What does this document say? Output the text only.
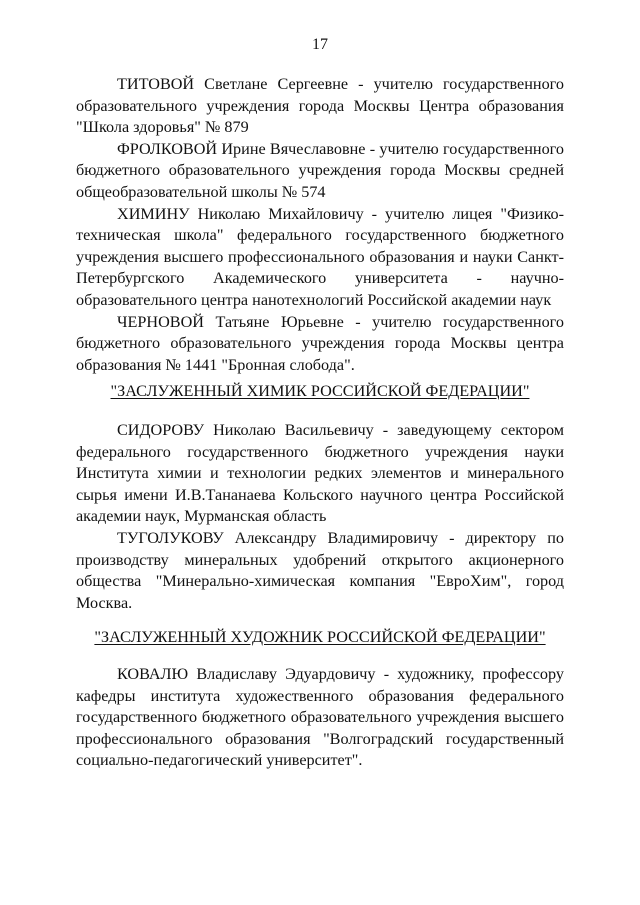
17
ТИТОВОЙ Светлане Сергеевне - учителю государственного образовательного учреждения города Москвы Центра образования "Школа здоровья" № 879
ФРОЛКОВОЙ Ирине Вячеславовне - учителю государственного бюджетного образовательного учреждения города Москвы средней общеобразовательной школы № 574
ХИМИНУ Николаю Михайловичу - учителю лицея "Физико-техническая школа" федерального государственного бюджетного учреждения высшего профессионального образования и науки Санкт-Петербургского Академического университета - научно-образовательного центра нанотехнологий Российской академии наук
ЧЕРНОВОЙ Татьяне Юрьевне - учителю государственного бюджетного образовательного учреждения города Москвы центра образования № 1441 "Бронная слобода".
"ЗАСЛУЖЕННЫЙ ХИМИК РОССИЙСКОЙ ФЕДЕРАЦИИ"
СИДОРОВУ Николаю Васильевичу - заведующему сектором федерального государственного бюджетного учреждения науки Института химии и технологии редких элементов и минерального сырья имени И.В.Тананаева Кольского научного центра Российской академии наук, Мурманская область
ТУГОЛУКОВУ Александру Владимировичу - директору по производству минеральных удобрений открытого акционерного общества "Минерально-химическая компания "ЕвроХим", город Москва.
"ЗАСЛУЖЕННЫЙ ХУДОЖНИК РОССИЙСКОЙ ФЕДЕРАЦИИ"
КОВАЛЮ Владиславу Эдуардовичу - художнику, профессору кафедры института художественного образования федерального государственного бюджетного образовательного учреждения высшего профессионального образования "Волгоградский государственный социально-педагогический университет".
